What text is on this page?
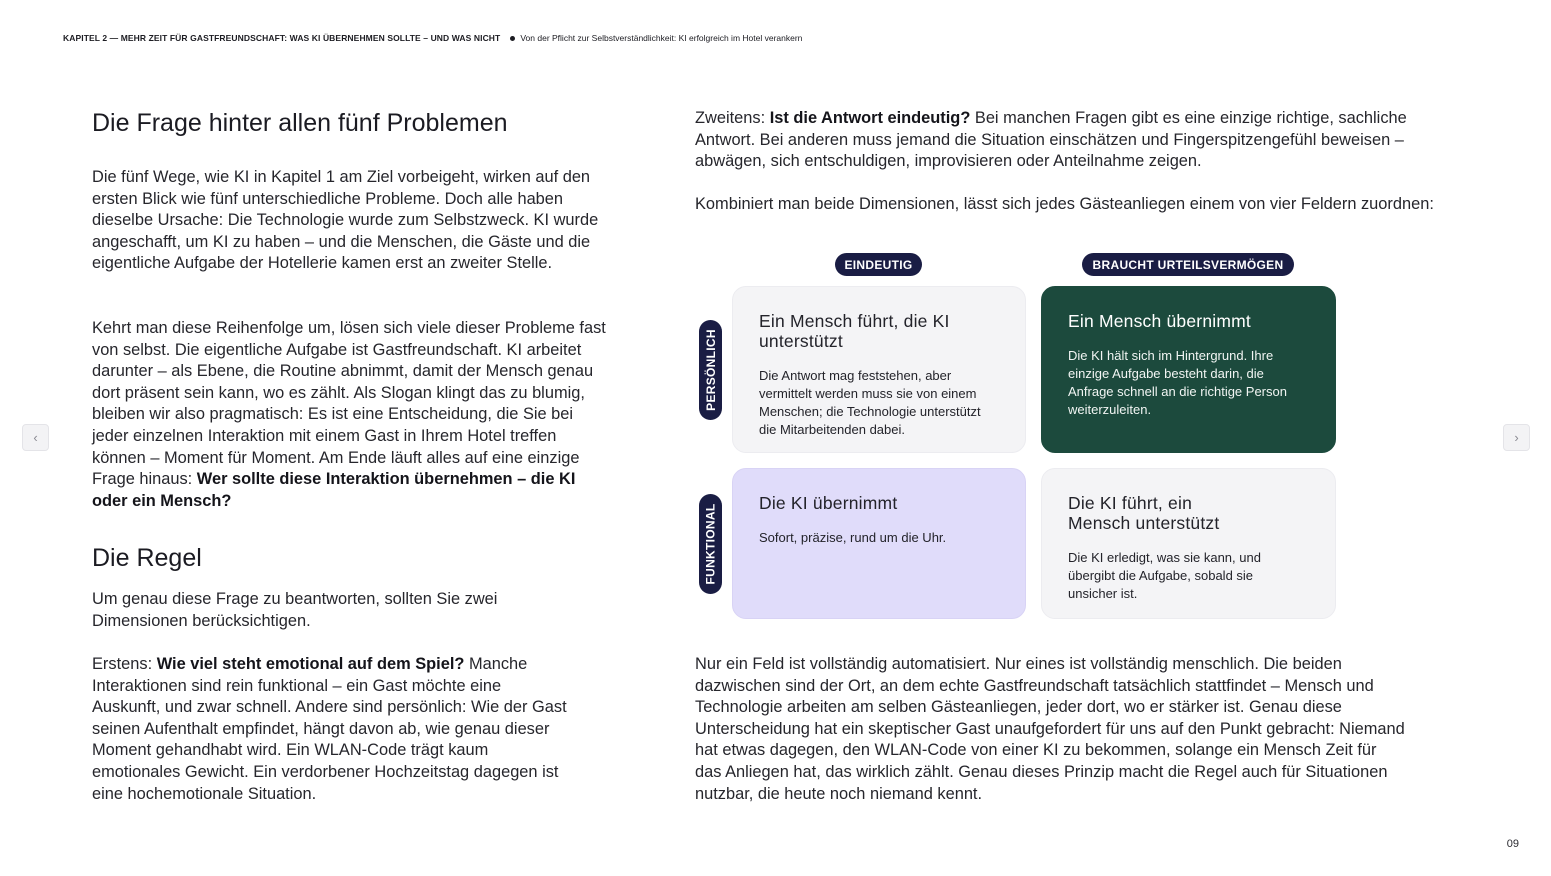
KAPITEL 2 — MEHR ZEIT FÜR GASTFREUNDSCHAFT: WAS KI ÜBERNEHMEN SOLLTE – UND WAS NICHT Von der Pflicht zur Selbstverständlichkeit: KI erfolgreich im Hotel verankern
Die Frage hinter allen fünf Problemen

Die fünf Wege, wie KI in Kapitel 1 am Ziel vorbeigeht, wirken auf den ersten Blick wie fünf unterschiedliche Probleme. Doch alle haben dieselbe Ursache: Die Technologie wurde zum Selbstzweck. KI wurde angeschafft, um KI zu haben – und die Menschen, die Gäste und die eigentliche Aufgabe der Hotellerie kamen erst an zweiter Stelle.

Kehrt man diese Reihenfolge um, lösen sich viele dieser Probleme fast von selbst. Die eigentliche Aufgabe ist Gastfreundschaft. KI arbeitet darunter – als Ebene, die Routine abnimmt, damit der Mensch genau dort präsent sein kann, wo es zählt. Als Slogan klingt das zu blumig, bleiben wir also pragmatisch: Es ist eine Entscheidung, die Sie bei jeder einzelnen Interaktion mit einem Gast in Ihrem Hotel treffen können – Moment für Moment. Am Ende läuft alles auf eine einzige Frage hinaus: Wer sollte diese Interaktion übernehmen – die KI oder ein Mensch?

Die Regel

Um genau diese Frage zu beantworten, sollten Sie zwei Dimensionen berücksichtigen.

Erstens: Wie viel steht emotional auf dem Spiel? Manche Interaktionen sind rein funktional – ein Gast möchte eine Auskunft, und zwar schnell. Andere sind persönlich: Wie der Gast seinen Aufenthalt empfindet, hängt davon ab, wie genau dieser Moment gehandhabt wird. Ein WLAN-Code trägt kaum emotionales Gewicht. Ein verdorbener Hochzeitstag dagegen ist eine hochemotionale Situation.

Zweitens: Ist die Antwort eindeutig? Bei manchen Fragen gibt es eine einzige richtige, sachliche Antwort. Bei anderen muss jemand die Situation einschätzen und Fingerspitzengefühl beweisen – abwägen, sich entschuldigen, improvisieren oder Anteilnahme zeigen.

Kombiniert man beide Dimensionen, lässt sich jedes Gästeanliegen einem von vier Feldern zuordnen:

Nur ein Feld ist vollständig automatisiert. Nur eines ist vollständig menschlich. Die beiden dazwischen sind der Ort, an dem echte Gastfreundschaft tatsächlich stattfindet – Mensch und Technologie arbeiten am selben Gästeanliegen, jeder dort, wo er stärker ist. Genau diese Unterscheidung hat ein skeptischer Gast unaufgefordert für uns auf den Punkt gebracht: Niemand hat etwas dagegen, den WLAN-Code von einer KI zu bekommen, solange ein Mensch Zeit für das Anliegen hat, das wirklich zählt. Genau dieses Prinzip macht die Regel auch für Situationen nutzbar, die heute noch niemand kennt.

EINDEUTIG	BRAUCHT URTEILSVERMÖGEN
PERSÖNLICH
FUNKTIONAL

Ein Mensch führt, die KI unterstützt

Die Antwort mag feststehen, aber vermittelt werden muss sie von einem Menschen; die Technologie unterstützt die Mitarbeitenden dabei.

Ein Mensch übernimmt

Die KI hält sich im Hintergrund. Ihre einzige Aufgabe besteht darin, die Anfrage schnell an die richtige Person weiterzuleiten.

Die KI übernimmt

Sofort, präzise, rund um die Uhr.

Die KI führt, ein Mensch unterstützt

Die KI erledigt, was sie kann, und übergibt die Aufgabe, sobald sie unsicher ist.

‹	›
09
